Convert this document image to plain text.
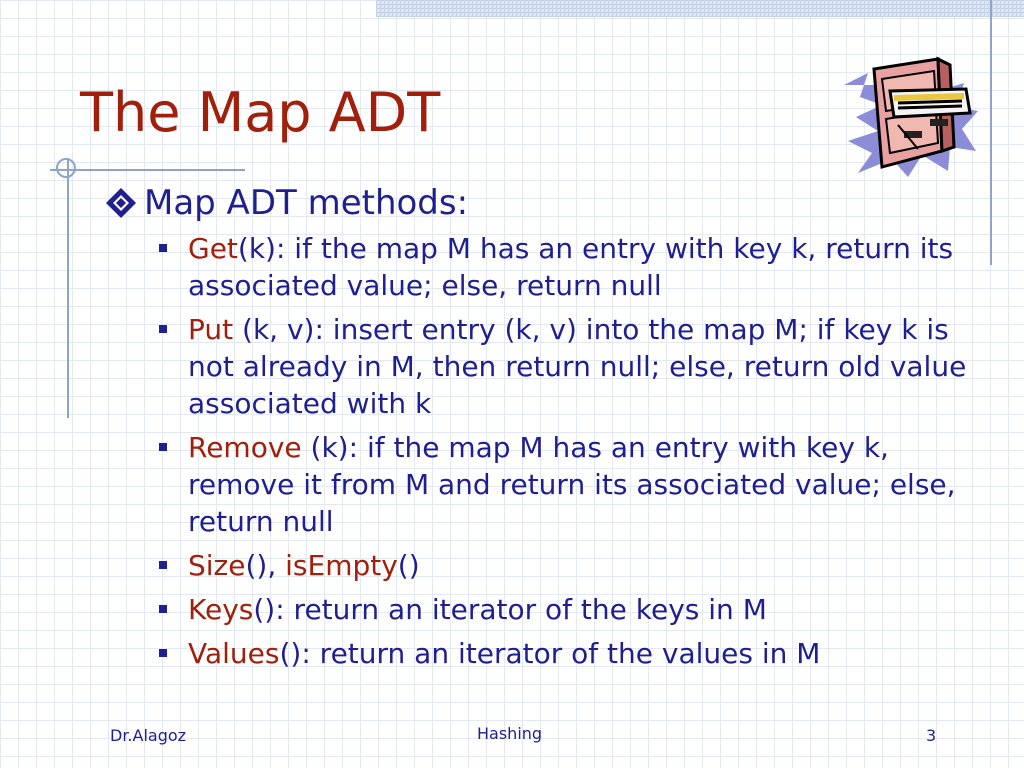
The Map ADT
Map ADT methods:
Get(k): if the map M has an entry with key k, return its associated value; else, return null
Put (k, v): insert entry (k, v) into the map M; if key k is not already in M, then return null; else, return old value associated with k
Remove (k): if the map M has an entry with key k, remove it from M and return its associated value; else, return null
Size(), isEmpty()
Keys(): return an iterator of the keys in M
Values(): return an iterator of the values in M
Dr.Alagoz	Hashing	3
